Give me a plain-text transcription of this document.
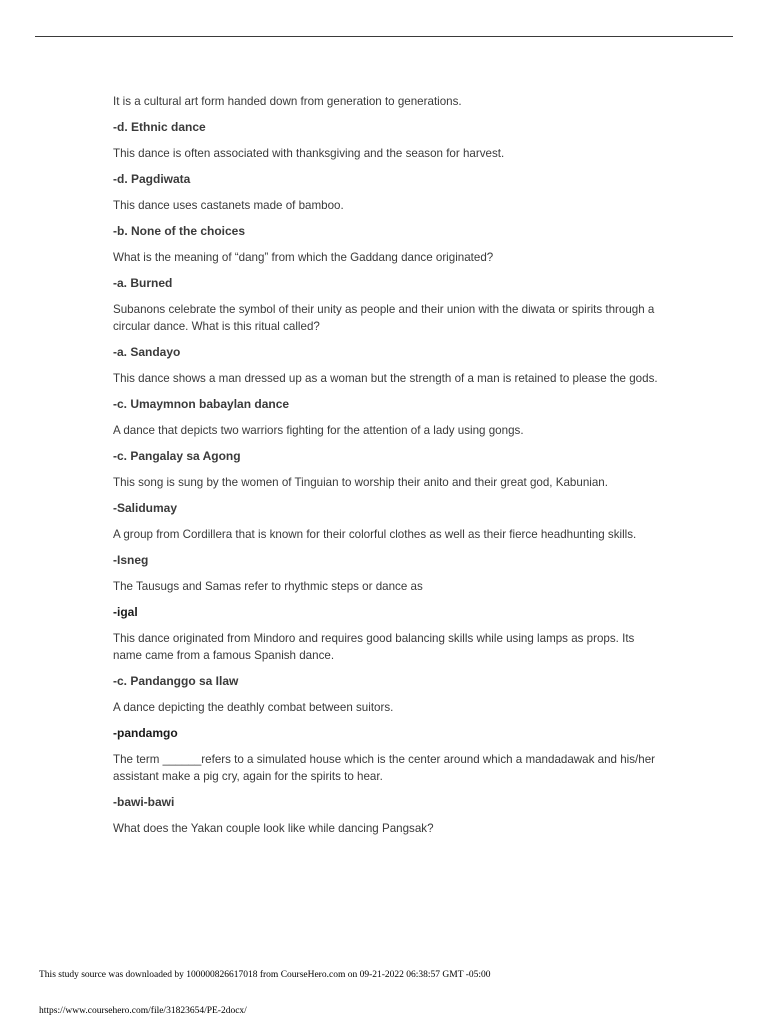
It is a cultural art form handed down from generation to generations.

-d. Ethnic dance

This dance is often associated with thanksgiving and the season for harvest.

-d. Pagdiwata

This dance uses castanets made of bamboo.

-b. None of the choices

What is the meaning of “dang” from which the Gaddang dance originated?

-a. Burned

Subanons celebrate the symbol of their unity as people and their union with the diwata or spirits through a circular dance. What is this ritual called?

-a. Sandayo

This dance shows a man dressed up as a woman but the strength of a man is retained to please the gods.

-c. Umaymnon babaylan dance

A dance that depicts two warriors fighting for the attention of a lady using gongs.

-c. Pangalay sa Agong

This song is sung by the women of Tinguian to worship their anito and their great god, Kabunian.

-Salidumay

A group from Cordillera that is known for their colorful clothes as well as their fierce headhunting skills.

-Isneg

The Tausugs and Samas refer to rhythmic steps or dance as

-igal

This dance originated from Mindoro and requires good balancing skills while using lamps as props. Its name came from a famous Spanish dance.

-c. Pandanggo sa Ilaw

A dance depicting the deathly combat between suitors.

-pandamgo

The term ______refers to a simulated house which is the center around which a mandadawak and his/her assistant make a pig cry, again for the spirits to hear.

-bawi-bawi

What does the Yakan couple look like while dancing Pangsak?

This study source was downloaded by 100000826617018 from CourseHero.com on 09-21-2022 06:38:57 GMT -05:00
https://www.coursehero.com/file/31823654/PE-2docx/
